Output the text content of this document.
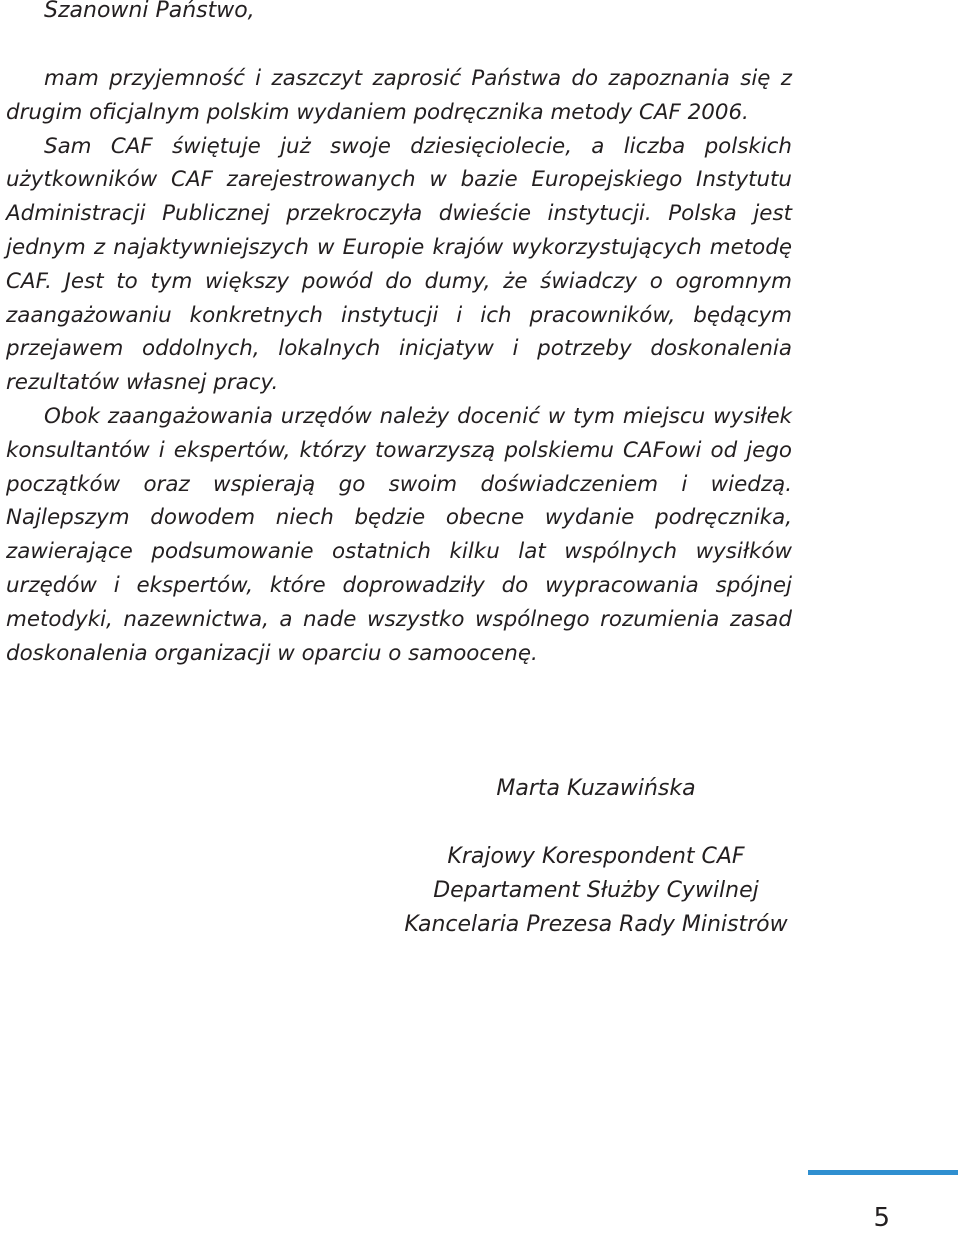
Szanowni Państwo,

mam przyjemność i zaszczyt zaprosić Państwa do zapoznania się z drugim oficjalnym polskim wydaniem podręcznika metody CAF 2006.

Sam CAF świętuje już swoje dziesięciolecie, a liczba polskich użytkowników CAF zarejestrowanych w bazie Europejskiego Instytutu Administracji Publicznej przekroczyła dwieście instytucji. Polska jest jednym z najaktywniejszych w Europie krajów wykorzystujących metodę CAF. Jest to tym większy powód do dumy, że świadczy o ogromnym zaangażowaniu konkretnych instytucji i ich pracowników, będącym przejawem oddolnych, lokalnych inicjatyw i potrzeby doskonalenia rezultatów własnej pracy.

Obok zaangażowania urzędów należy docenić w tym miejscu wysiłek konsultantów i ekspertów, którzy towarzyszą polskiemu CAFowi od jego początków oraz wspierają go swoim doświadczeniem i wiedzą. Najlepszym dowodem niech będzie obecne wydanie podręcznika, zawierające podsumowanie ostatnich kilku lat wspólnych wysiłków urzędów i ekspertów, które doprowadziły do wypracowania spójnej metodyki, nazewnictwa, a nade wszystko wspólnego rozumienia zasad doskonalenia organizacji w oparciu o samoocenę.

Marta Kuzawińska
Krajowy Korespondent CAF
Departament Służby Cywilnej
Kancelaria Prezesa Rady Ministrów
5
